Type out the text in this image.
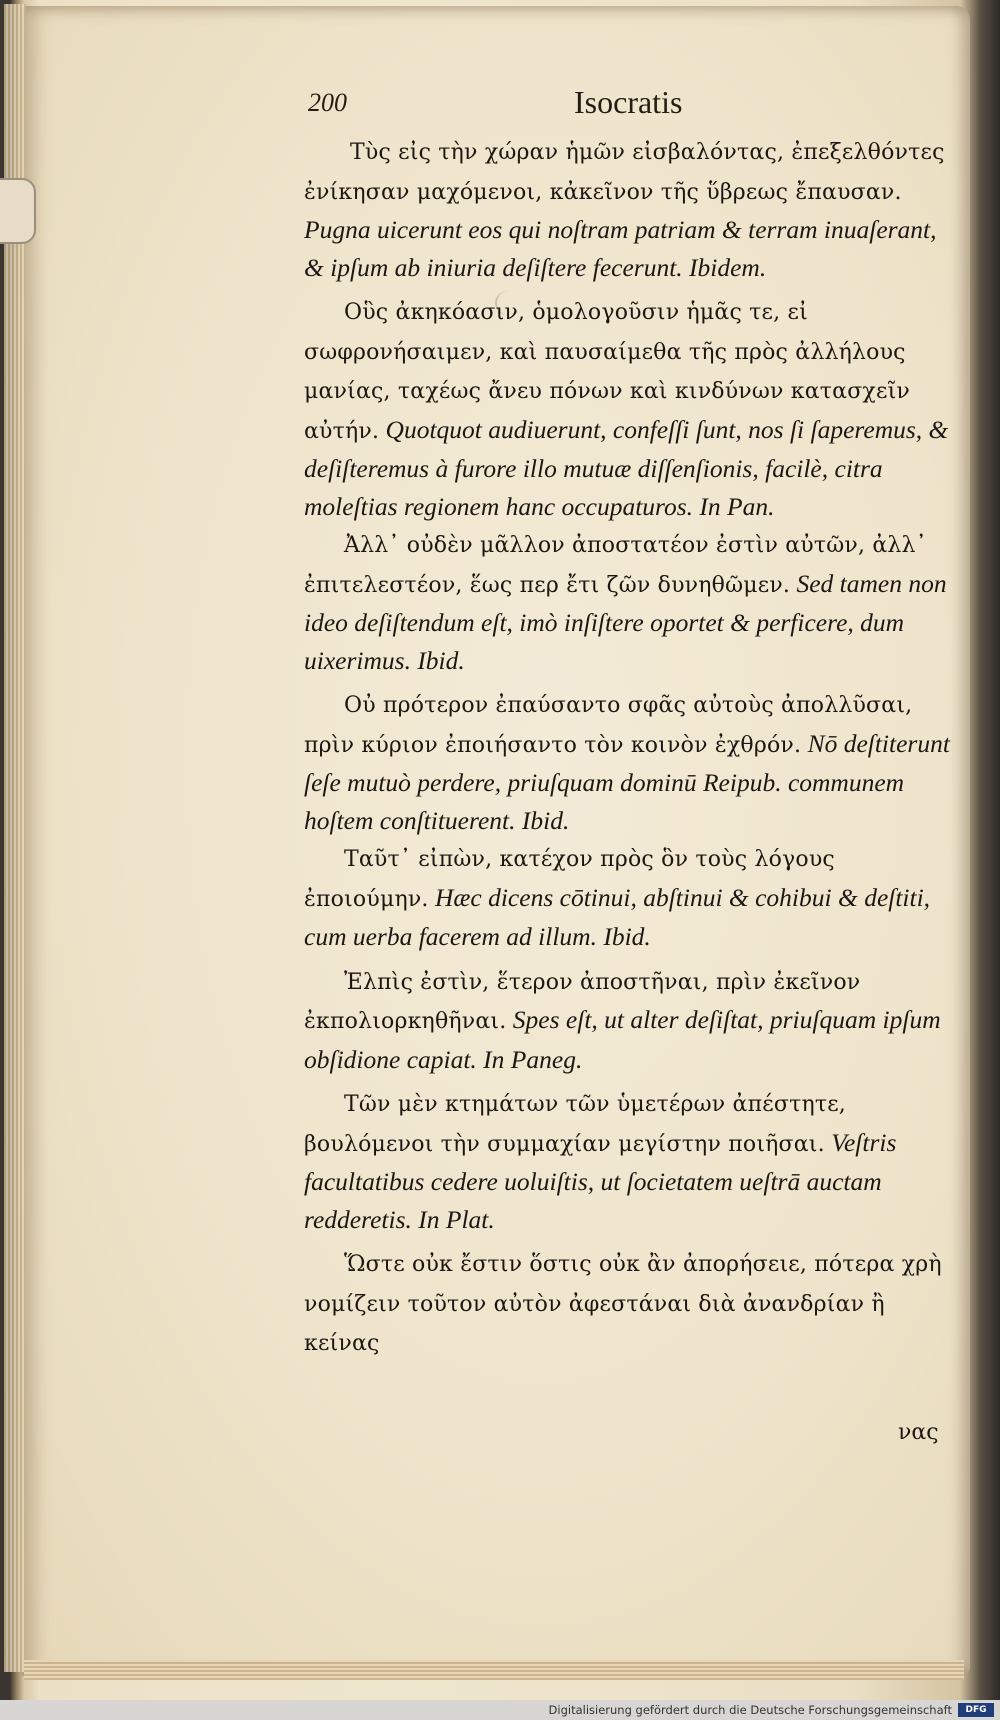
200	Isocratis

Τὺς εἰς τὴν χώραν ἡμῶν εἰσβαλόντας, ἐπεξελθόντες ἐνίκησαν μαχόμενοι, κἀκεῖνον τῆς ὕβρεως ἔπαυσαν. Pugna uicerunt eos qui noſtram patriam & terram inuaſerant, & ipſum ab iniuria deſiſtere fecerunt. Ibidem.

Οὓς ἀκηκόασιν, ὁμολογοῦσιν ἡμᾶς τε, εἰ σωφρονήσαιμεν, καὶ παυσαίμεθα τῆς πρὸς ἀλλήλους μανίας, ταχέως ἄνευ πόνων καὶ κινδύνων κατασχεῖν αὐτήν. Quotquot audiuerunt, confeſſi ſunt, nos ſi ſaperemus, & deſiſteremus à furore illo mutuæ diſſenſionis, facilè, citra moleſtias regionem hanc occupaturos. In Pan.

Ἀλλ᾽ οὐδὲν μᾶλλον ἀποστατέον ἐστὶν αὐτῶν, ἀλλ᾽ ἐπιτελεστέον, ἕως περ ἔτι ζῶν δυνηθῶμεν. Sed tamen non ideo deſiſtendum eſt, imò inſiſtere oportet & perficere, dum uixerimus. Ibid.

Οὐ πρότερον ἐπαύσαντο σφᾶς αὐτοὺς ἀπολλῦσαι, πρὶν κύριον ἐποιήσαντο τὸν κοινὸν ἐχθρόν. Nō deſtiterunt ſeſe mutuò perdere, priuſquam dominū Reipub. communem hoſtem conſtituerent. Ibid.

Ταῦτ᾽ εἰπὼν, κατέχον πρὸς ὃν τοὺς λόγους ἐποιούμην. Hæc dicens cōtinui, abſtinui & cohibui & deſtiti, cum uerba facerem ad illum. Ibid.

Ἐλπὶς ἐστὶν, ἕτερον ἀποστῆναι, πρὶν ἐκεῖνον ἐκπολιορκηθῆναι. Spes eſt, ut alter deſiſtat, priuſquam ipſum obſidione capiat. In Paneg.

Τῶν μὲν κτημάτων τῶν ὑμετέρων ἀπέστητε, βουλόμενοι τὴν συμμαχίαν μεγίστην ποιῆσαι. Veſtris facultatibus cedere uoluiſtis, ut ſocietatem ueſtrā auctam redderetis. In Plat.

Ὥστε οὐκ ἔστιν ὅστις οὐκ ἂν ἀπορήσειε, πότερα χρὴ νομίζειν τοῦτον αὐτὸν ἀφεστάναι διὰ ἀνανδρίαν ἢ κείνας

νας
Digitalisierung gefördert durch die Deutsche Forschungsgemeinschaft	DFG
